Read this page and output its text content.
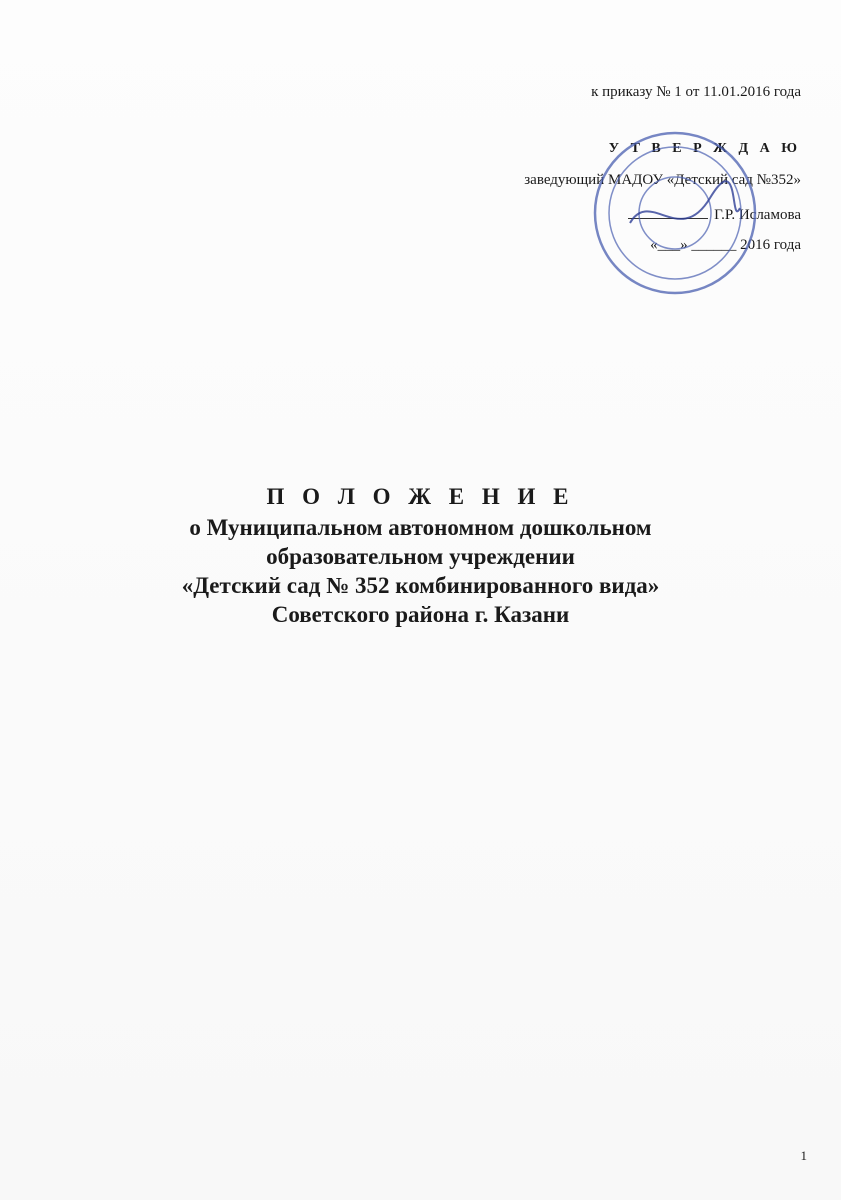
к приказу № 1 от 11.01.2016 года
У Т В Е Р Ж Д А Ю
заведующий МАДОУ «Детский сад №352»
Г.Р. Исламова
«___» ______ 2016 года
П О Л О Ж Е Н И Е
о Муниципальном автономном дошкольном
образовательном учреждении
«Детский сад № 352 комбинированного вида»
Советского района г. Казани
1
